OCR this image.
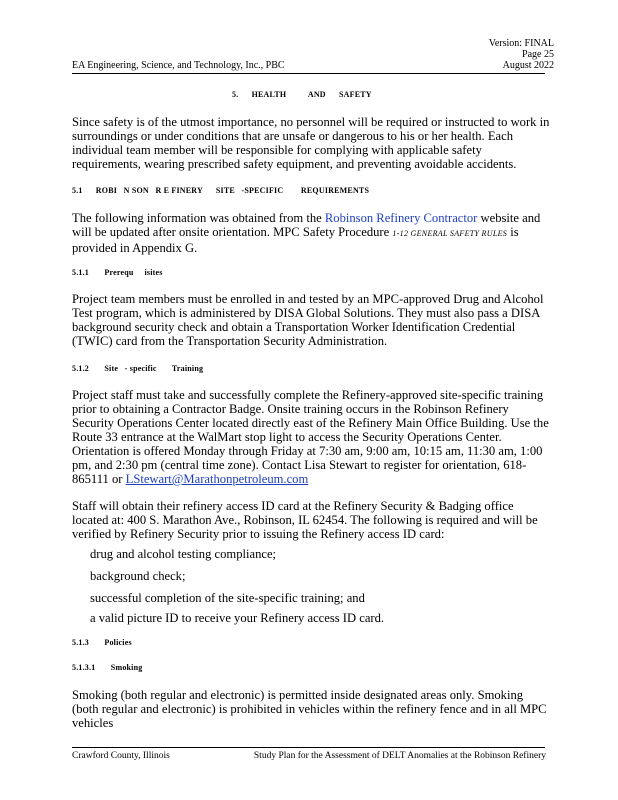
Version: FINAL
Page 25
August 2022
EA Engineering, Science, and Technology, Inc., PBC
5.      HEALTH          AND      SAFETY
Since safety is of the utmost importance, no personnel will be required or instructed to work in surroundings or under conditions that are unsafe or dangerous to his or her health. Each individual team member will be responsible for complying with applicable safety requirements, wearing prescribed safety equipment, and preventing avoidable accidents.
5.1      ROBI   N SON   R E FINERY      SITE   -SPECIFIC        REQUIREMENTS
The following information was obtained from the Robinson Refinery Contractor website and will be updated after onsite orientation. MPC Safety Procedure 1-12 GENERAL SAFETY RULES is provided in Appendix G.
5.1.1       Prerequ     isites
Project team members must be enrolled in and tested by an MPC-approved Drug and Alcohol Test program, which is administered by DISA Global Solutions. They must also pass a DISA background security check and obtain a Transportation Worker Identification Credential (TWIC) card from the Transportation Security Administration.
5.1.2       Site   - specific       Training
Project staff must take and successfully complete the Refinery-approved site-specific training prior to obtaining a Contractor Badge. Onsite training occurs in the Robinson Refinery Security Operations Center located directly east of the Refinery Main Office Building. Use the Route 33 entrance at the WalMart stop light to access the Security Operations Center. Orientation is offered Monday through Friday at 7:30 am, 9:00 am, 10:15 am, 11:30 am, 1:00 pm, and 2:30 pm (central time zone). Contact Lisa Stewart to register for orientation, 618-865111 or LStewart@Marathonpetroleum.com
Staff will obtain their refinery access ID card at the Refinery Security & Badging office located at: 400 S. Marathon Ave., Robinson, IL 62454. The following is required and will be verified by Refinery Security prior to issuing the Refinery access ID card:
drug and alcohol testing compliance;
background check;
successful completion of the site-specific training; and
a valid picture ID to receive your Refinery access ID card.
5.1.3       Policies
5.1.3.1       Smoking
Smoking (both regular and electronic) is permitted inside designated areas only. Smoking (both regular and electronic) is prohibited in vehicles within the refinery fence and in all MPC vehicles
Crawford County, Illinois	Study Plan for the Assessment of DELT Anomalies at the Robinson Refinery
